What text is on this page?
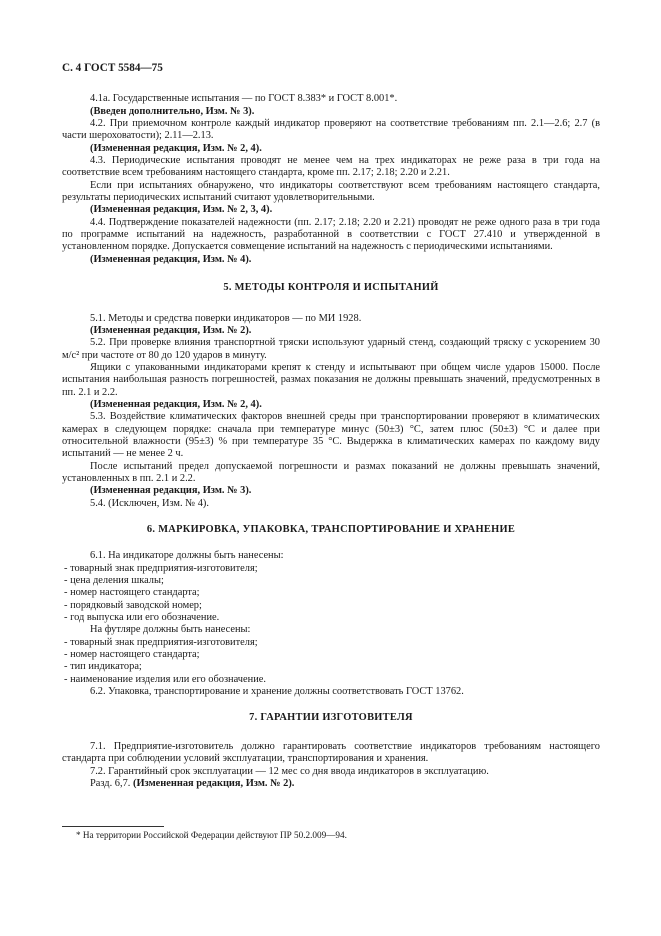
С. 4 ГОСТ 5584—75

4.1а. Государственные испытания — по ГОСТ 8.383* и ГОСТ 8.001*.

(Введен дополнительно, Изм. № 3).

4.2. При приемочном контроле каждый индикатор проверяют на соответствие требованиям пп. 2.1—2.6; 2.7 (в части шероховатости); 2.11—2.13.

(Измененная редакция, Изм. № 2, 4).

4.3. Периодические испытания проводят не менее чем на трех индикаторах не реже раза в три года на соответствие всем требованиям настоящего стандарта, кроме пп. 2.17; 2.18; 2.20 и 2.21.

Если при испытаниях обнаружено, что индикаторы соответствуют всем требованиям настоящего стандарта, результаты периодических испытаний считают удовлетворительными.

(Измененная редакция, Изм. № 2, 3, 4).

4.4. Подтверждение показателей надежности (пп. 2.17; 2.18; 2.20 и 2.21) проводят не реже одного раза в три года по программе испытаний на надежность, разработанной в соответствии с ГОСТ 27.410 и утвержденной в установленном порядке. Допускается совмещение испытаний на надежность с периодическими испытаниями.

(Измененная редакция, Изм. № 4).

5. МЕТОДЫ КОНТРОЛЯ И ИСПЫТАНИЙ

5.1. Методы и средства поверки индикаторов — по МИ 1928.

(Измененная редакция, Изм. № 2).

5.2. При проверке влияния транспортной тряски используют ударный стенд, создающий тряску с ускорением 30 м/с² при частоте от 80 до 120 ударов в минуту.

Ящики с упакованными индикаторами крепят к стенду и испытывают при общем числе ударов 15000. После испытания наибольшая разность погрешностей, размах показания не должны превышать значений, предусмотренных в пп. 2.1 и 2.2.

(Измененная редакция, Изм. № 2, 4).

5.3. Воздействие климатических факторов внешней среды при транспортировании проверяют в климатических камерах в следующем порядке: сначала при температуре минус (50±3) °С, затем плюс (50±3) °С и далее при относительной влажности (95±3) % при температуре 35 °С. Выдержка в климатических камерах по каждому виду испытаний — не менее 2 ч.

После испытаний предел допускаемой погрешности и размах показаний не должны превышать значений, установленных в пп. 2.1 и 2.2.

(Измененная редакция, Изм. № 3).

5.4. (Исключен, Изм. № 4).

6. МАРКИРОВКА, УПАКОВКА, ТРАНСПОРТИРОВАНИЕ И ХРАНЕНИЕ

6.1. На индикаторе должны быть нанесены:

- товарный знак предприятия-изготовителя;
- цена деления шкалы;
- номер настоящего стандарта;
- порядковый заводской номер;
- год выпуска или его обозначение.

На футляре должны быть нанесены:

- товарный знак предприятия-изготовителя;
- номер настоящего стандарта;
- тип индикатора;
- наименование изделия или его обозначение.

6.2. Упаковка, транспортирование и хранение должны соответствовать ГОСТ 13762.

7. ГАРАНТИИ ИЗГОТОВИТЕЛЯ

7.1. Предприятие-изготовитель должно гарантировать соответствие индикаторов требованиям настоящего стандарта при соблюдении условий эксплуатации, транспортирования и хранения.

7.2. Гарантийный срок эксплуатации — 12 мес со дня ввода индикаторов в эксплуатацию.

Разд. 6,7. (Измененная редакция, Изм. № 2).

* На территории Российской Федерации действуют ПР 50.2.009—94.
